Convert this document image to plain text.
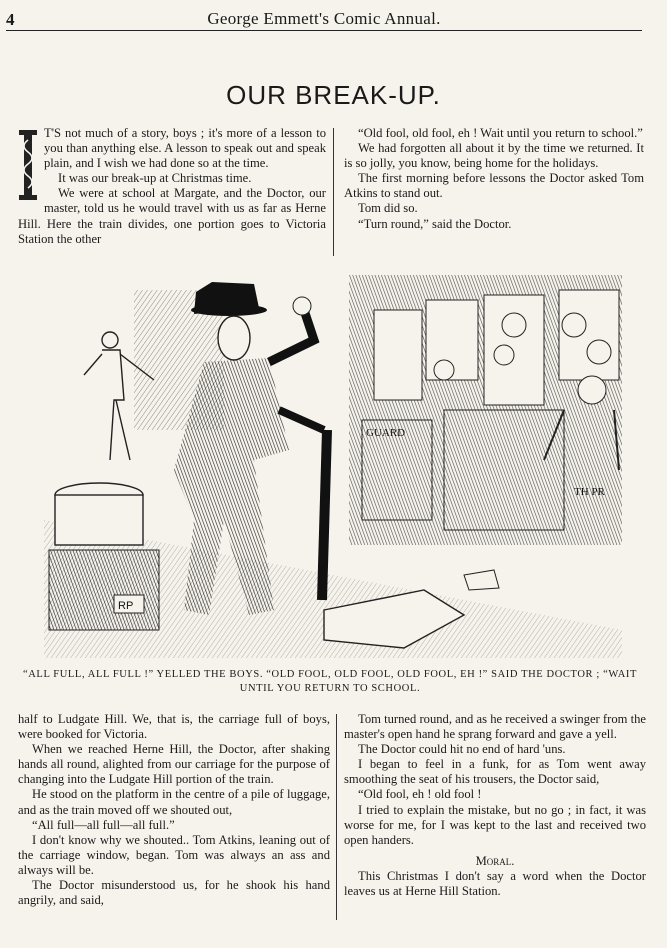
4	George Emmett's Comic Annual.
OUR BREAK-UP.

T'S not much of a story, boys ; it's more of a lesson to you than anything else. A lesson to speak out and speak plain, and I wish we had done so at the time.

It was our break-up at Christmas time.

We were at school at Margate, and the Doctor, our master, told us he would travel with us as far as Herne Hill. Here the train divides, one portion goes to Victoria Station the other

“Old fool, old fool, eh ! Wait until you return to school.”

We had forgotten all about it by the time we returned. It is so jolly, you know, being home for the holidays.

The first morning before lessons the Doctor asked Tom Atkins to stand out.

Tom did so.

“Turn round,” said the Doctor.

GUARD
TH PR
RP
“ALL FULL, ALL FULL !” YELLED THE BOYS. “OLD FOOL, OLD FOOL, OLD FOOL, EH !” SAID THE DOCTOR ; “WAIT UNTIL YOU RETURN TO SCHOOL.

half to Ludgate Hill. We, that is, the carriage full of boys, were booked for Victoria.

When we reached Herne Hill, the Doctor, after shaking hands all round, alighted from our carriage for the purpose of changing into the Ludgate Hill portion of the train.

He stood on the platform in the centre of a pile of luggage, and as the train moved off we shouted out,

“All full—all full—all full.”

I don't know why we shouted.. Tom Atkins, leaning out of the carriage window, began. Tom was always an ass and always will be.

The Doctor misunderstood us, for he shook his hand angrily, and said,

Tom turned round, and as he received a swinger from the master's open hand he sprang forward and gave a yell.

The Doctor could hit no end of hard 'uns.

I began to feel in a funk, for as Tom went away smoothing the seat of his trousers, the Doctor said,

“Old fool, eh ! old fool !

I tried to explain the mistake, but no go ; in fact, it was worse for me, for I was kept to the last and received two open handers.

Moral.

This Christmas I don't say a word when the Doctor leaves us at Herne Hill Station.
